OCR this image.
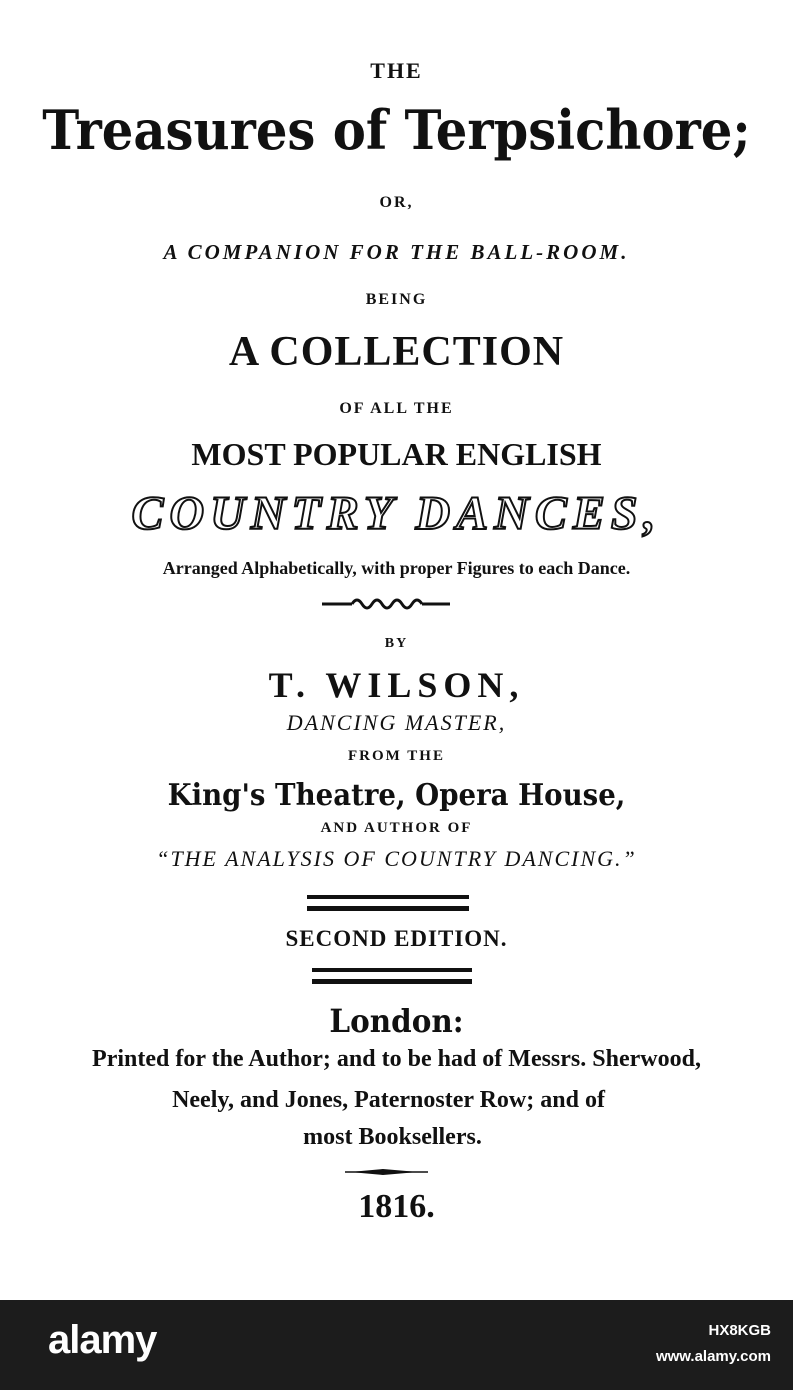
THE
Treasures of Terpsichore;
OR,
A COMPANION FOR THE BALL-ROOM.
BEING
A COLLECTION
OF ALL THE
MOST POPULAR ENGLISH
COUNTRY DANCES,
Arranged Alphabetically, with proper Figures to each Dance.
BY
T. WILSON,
DANCING MASTER,
FROM THE
King's Theatre, Opera House,
AND AUTHOR OF
“THE ANALYSIS OF COUNTRY DANCING.”
SECOND EDITION.
London:
Printed for the Author; and to be had of Messrs. Sherwood,
Neely, and Jones, Paternoster Row; and of
most Booksellers.
1816.
alamy	HX8KGB
www.alamy.com
